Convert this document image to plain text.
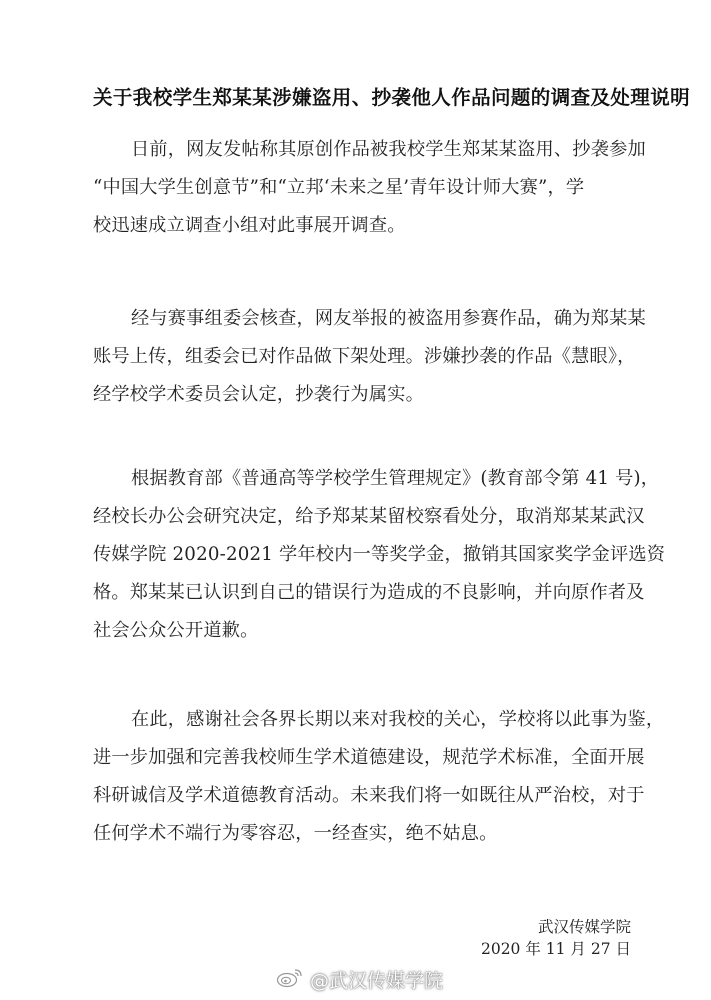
关于我校学生郑某某涉嫌盗用、抄袭他人作品问题的调查及处理说明
日前，网友发帖称其原创作品被我校学生郑某某盗用、抄袭参加
“中国大学生创意节”和“立邦‘未来之星’青年设计师大赛”，学
校迅速成立调查小组对此事展开调查。
经与赛事组委会核查，网友举报的被盗用参赛作品，确为郑某某
账号上传，组委会已对作品做下架处理。涉嫌抄袭的作品《慧眼》，
经学校学术委员会认定，抄袭行为属实。
根据教育部《普通高等学校学生管理规定》(教育部令第 41 号)，
经校长办公会研究决定，给予郑某某留校察看处分，取消郑某某武汉
传媒学院 2020-2021 学年校内一等奖学金，撤销其国家奖学金评选资
格。郑某某已认识到自己的错误行为造成的不良影响，并向原作者及
社会公众公开道歉。
在此，感谢社会各界长期以来对我校的关心，学校将以此事为鉴，
进一步加强和完善我校师生学术道德建设，规范学术标准，全面开展
科研诚信及学术道德教育活动。未来我们将一如既往从严治校，对于
任何学术不端行为零容忍，一经查实，绝不姑息。
武汉传媒学院
2020 年 11 月 27 日
@武汉传媒学院
